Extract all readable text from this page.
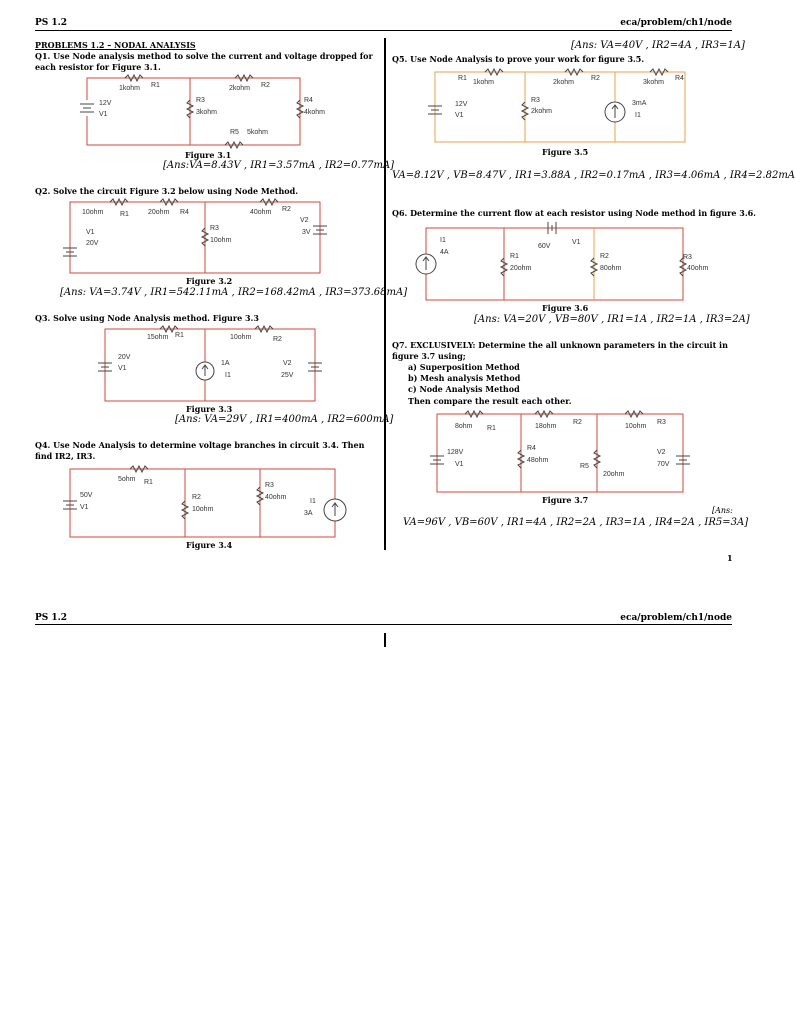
PS 1.2	eca/problem/ch1/node
PROBLEMS 1.2 – NODAL ANALYSIS
Q1. Use Node analysis method to solve the current and voltage dropped for each resistor for Figure 3.1.
12V
V1
1kohm R1	2kohm R2
R3
3kohm
R4
4kohm
R5 5kohm
Figure 3.1
[Ans:VA=8.43V , IR1=3.57mA , IR2=0.77mA]
Q2. Solve the circuit Figure 3.2 below using Node Method.
10ohm R1	20ohm R4	40ohm R2
R3
10ohm
V1
20V
V2
3V
Figure 3.2
[Ans: VA=3.74V , IR1=542.11mA , IR2=168.42mA , IR3=373.68mA]
Q3. Solve using Node Analysis method. Figure 3.3
15ohm R1	10ohm	R2
20V
V1
1A
I1
V2
25V
Figure 3.3
[Ans: VA=29V , IR1=400mA , IR2=600mA]
Q4. Use Node Analysis to determine voltage branches in circuit 3.4. Then find IR2, IR3.
5ohm R1
R2
10ohm
R3
40ohm
50V
V1
I1
3A
Figure 3.4
[Ans: VA=40V , IR2=4A , IR3=1A]
Q5. Use Node Analysis to prove your work for figure 3.5.
R1
1kohm	2kohm
R2
3kohm
R4
R3
2kohm
12V
V1
3mA
I1
Figure 3.5
VA=8.12V , VB=8.47V , IR1=3.88A , IR2=0.17mA , IR3=4.06mA , IR4=2.82mA
Q6. Determine the current flow at each resistor using Node method in figure 3.6.
I1
4A
60V
V1
R1
20ohm
R2
80ohm
R3
40ohm
Figure 3.6
[Ans: VA=20V , VB=80V , IR1=1A , IR2=1A , IR3=2A]
Q7. EXCLUSIVELY: Determine the all unknown parameters in the circuit in figure 3.7 using;
a) Superposition Method
b) Mesh analysis Method
c) Node Analysis Method
Then compare the result each other.
8ohm R1	18ohm
R2
10ohm
R3
R4
48ohm
R5
20ohm
128V
V1
V2
70V
Figure 3.7
[Ans:
VA=96V , VB=60V , IR1=4A , IR2=2A , IR3=1A , IR4=2A , IR5=3A]
1
PS 1.2	eca/problem/ch1/node
